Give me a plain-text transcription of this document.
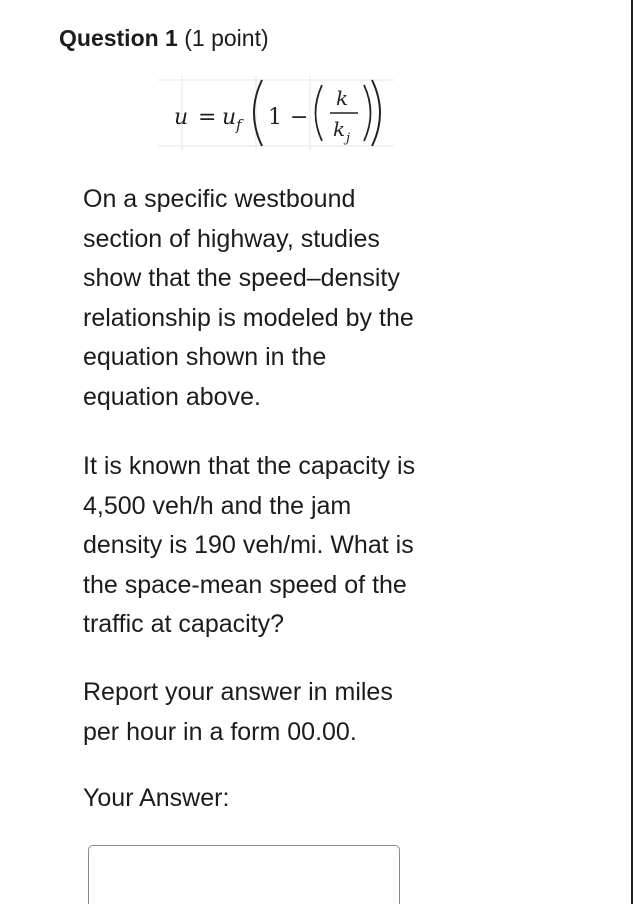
Question 1 (1 point)
u = u f 1 −
k
k j

On a specific westbound
section of highway, studies
show that the speed–density
relationship is modeled by the
equation shown in the
equation above.

It is known that the capacity is
4,500 veh/h and the jam
density is 190 veh/mi. What is
the space-mean speed of the
traffic at capacity?

Report your answer in miles
per hour in a form 00.00.

Your Answer:
